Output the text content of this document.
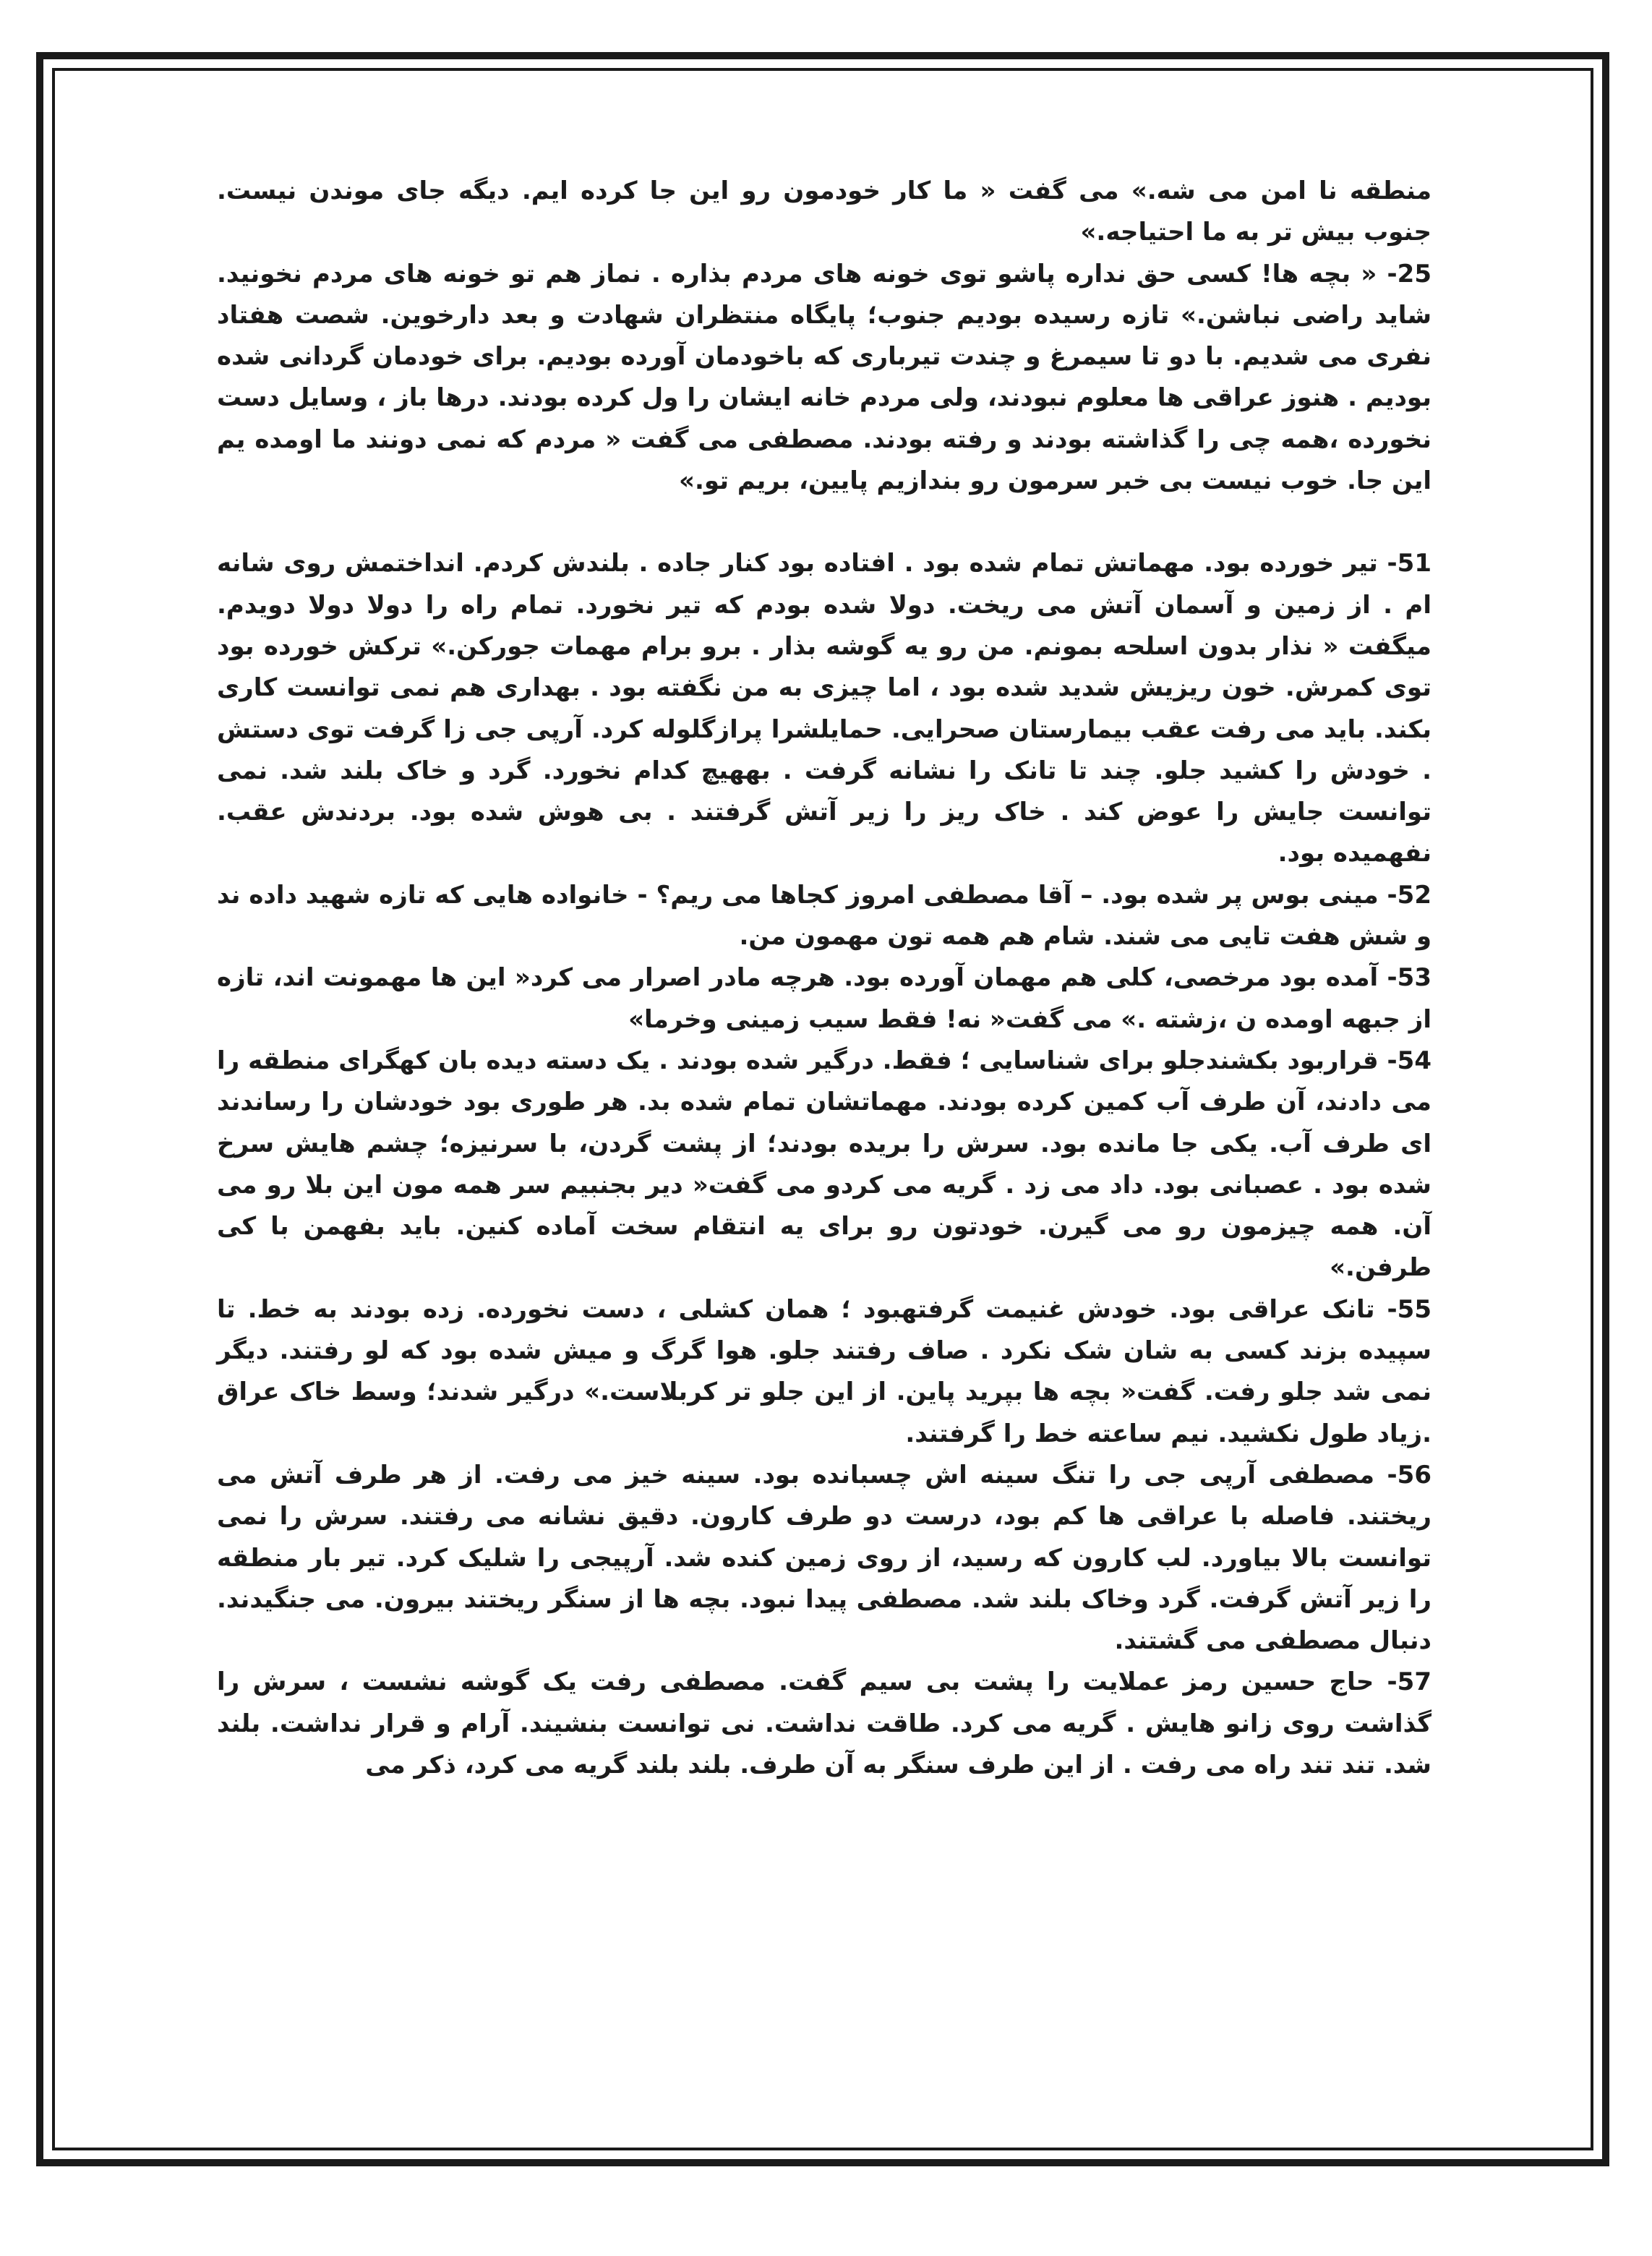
منطقه نا امن می شه.» می گفت « ما کار خودمون رو این جا کرده ایم. دیگه جای موندن نیست. جنوب بیش تر به ما احتیاجه.»

25- « بچه ها! کسی حق نداره پاشو توی خونه های مردم بذاره . نماز هم تو خونه های مردم نخونید. شاید راضی نباشن.» تازه رسیده بودیم جنوب؛ پایگاه منتظران شهادت و بعد دارخوین. شصت هفتاد نفری می شدیم. با دو تا سیمرغ و چندت تیرباری که باخودمان آورده بودیم. برای خودمان گردانی شده بودیم . هنوز عراقی ها معلوم نبودند، ولی مردم خانه ایشان را ول کرده بودند. درها باز ، وسایل دست نخورده ،همه چی را گذاشته بودند و رفته بودند. مصطفی می گفت « مردم که نمی دونند ما اومده یم این جا. خوب نیست بی خبر سرمون رو بندازیم پایین، بریم تو.»

51- تیر خورده بود. مهماتش تمام شده بود . افتاده بود کنار جاده . بلندش کردم. انداختمش روی شانه ام . از زمین و آسمان آتش می ریخت. دولا شده بودم که تیر نخورد. تمام راه را دولا دولا دویدم. میگفت « نذار بدون اسلحه بمونم. من رو یه گوشه بذار . برو برام مهمات جورکن.» ترکش خورده بود توی کمرش. خون ریزیش شدید شده بود ، اما چیزی به من نگفته بود . بهداری هم نمی توانست کاری بکند. باید می رفت عقب بیمارستان صحرایی. حمایلشرا پرازگلوله کرد. آرپی جی زا گرفت توی دستش . خودش را کشید جلو. چند تا تانک را نشانه گرفت . بههیچ کدام نخورد. گرد و خاک بلند شد. نمی توانست جایش را عوض کند . خاک ریز را زیر آتش گرفتند . بی هوش شده بود. بردندش عقب. نفهمیده بود.

52- مینی بوس پر شده بود. – آقا مصطفی امروز کجاها می ریم؟ - خانواده هایی که تازه شهید داده ند و شش هفت تایی می شند. شام هم همه تون مهمون من.

53- آمده بود مرخصی، کلی هم مهمان آورده بود. هرچه مادر اصرار می کرد« این ها مهمونت اند، تازه از جبهه اومده ن ،زشته .» می گفت« نه! فقط سیب زمینی وخرما»

54- قراربود بکشندجلو برای شناسایی ؛ فقط. درگیر شده بودند . یک دسته دیده بان کهگرای منطقه را می دادند، آن طرف آب کمین کرده بودند. مهماتشان تمام شده بد. هر طوری بود خودشان را رساندند ای طرف آب. یکی جا مانده بود. سرش را بریده بودند؛ از پشت گردن، با سرنیزه؛ چشم هایش سرخ شده بود . عصبانی بود. داد می زد . گریه می کردو می گفت« دیر بجنبیم سر همه مون این بلا رو می آن. همه چیزمون رو می گیرن. خودتون رو برای یه انتقام سخت آماده کنین. باید بفهمن با کی طرفن.»

55- تانک عراقی بود. خودش غنیمت گرفتهبود ؛ همان کشلی ، دست نخورده. زده بودند به خط. تا سپیده بزند کسی به شان شک نکرد . صاف رفتند جلو. هوا گرگ و میش شده بود که لو رفتند. دیگر نمی شد جلو رفت. گفت« بچه ها بپرید پاین. از این جلو تر کربلاست.» درگیر شدند؛ وسط خاک عراق .زیاد طول نکشید. نیم ساعته خط را گرفتند.

56- مصطفی آرپی جی را تنگ سینه اش چسبانده بود. سینه خیز می رفت. از هر طرف آتش می ریختند. فاصله با عراقی ها کم بود، درست دو طرف کارون. دقیق نشانه می رفتند. سرش را نمی توانست بالا بیاورد. لب کارون که رسید، از روی زمین کنده شد. آرپیجی را شلیک کرد. تیر بار منطقه را زیر آتش گرفت. گرد وخاک بلند شد. مصطفی پیدا نبود. بچه ها از سنگر ریختند بیرون. می جنگیدند. دنبال مصطفی می گشتند.

57- حاج حسین رمز عملایت را پشت بی سیم گفت. مصطفی رفت یک گوشه نشست ، سرش را گذاشت روی زانو هایش . گریه می کرد. طاقت نداشت. نی توانست بنشیند. آرام و قرار نداشت. بلند شد. تند تند راه می رفت . از این طرف سنگر به آن طرف. بلند بلند گریه می کرد، ذکر می
